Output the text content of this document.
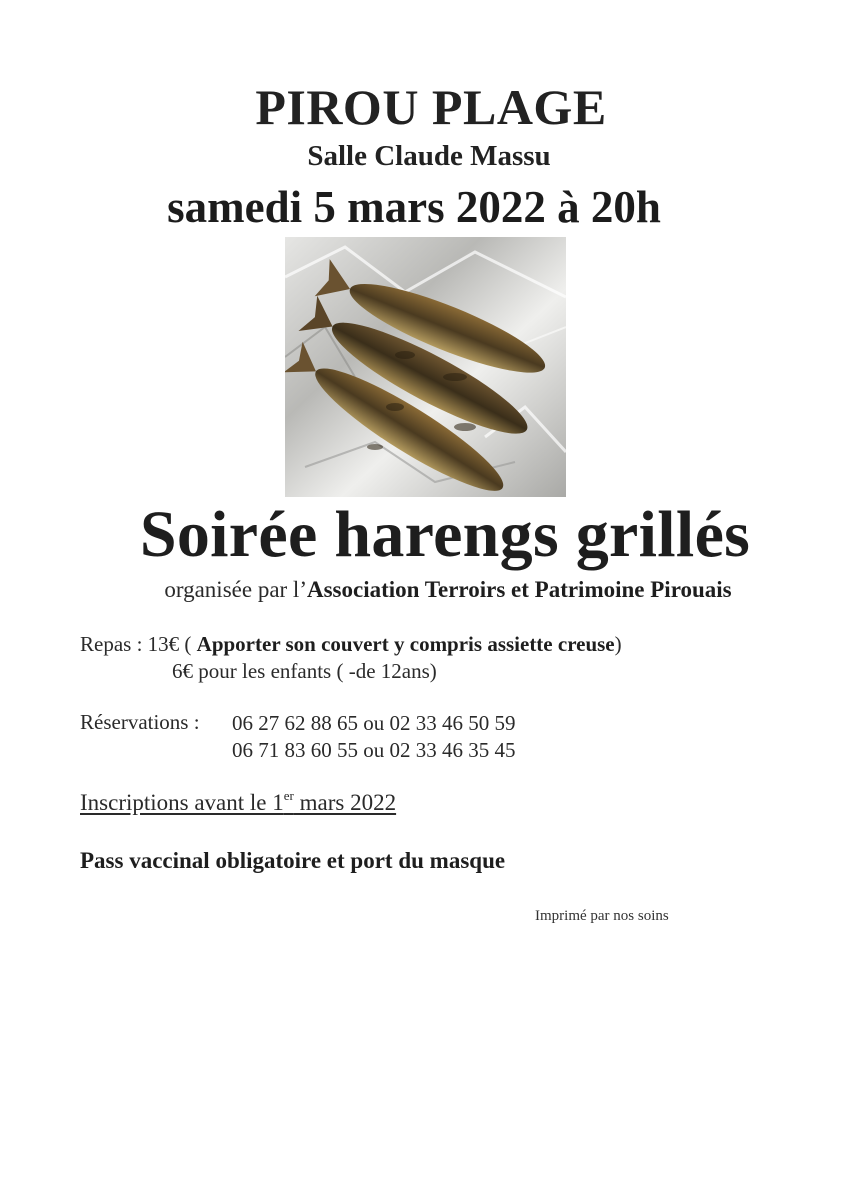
PIROU PLAGE
Salle Claude Massu
samedi 5 mars 2022 à 20h
Soirée harengs grillés
organisée par l’Association Terroirs et Patrimoine Pirouais
Repas : 13€ ( Apporter son couvert y compris assiette creuse)
6€ pour les enfants ( -de 12ans)
Réservations : 06 27 62 88 65 ou 02 33 46 50 59
06 71 83 60 55 ou 02 33 46 35 45
Inscriptions avant le 1er mars 2022
Pass vaccinal obligatoire et port du masque
Imprimé par nos soins
